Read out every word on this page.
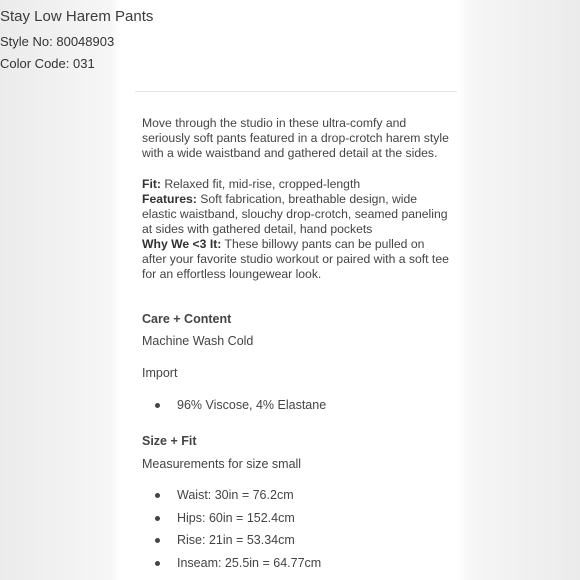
Stay Low Harem Pants
Style No: 80048903
Color Code: 031

Move through the studio in these ultra-comfy and seriously soft pants featured in a drop-crotch harem style with a wide waistband and gathered detail at the sides.

Fit: Relaxed fit, mid-rise, cropped-length

Features: Soft fabrication, breathable design, wide elastic waistband, slouchy drop-crotch, seamed paneling at sides with gathered detail, hand pockets

Why We <3 It: These billowy pants can be pulled on after your favorite studio workout or paired with a soft tee for an effortless loungewear look.

Care + Content
Machine Wash Cold
Import
96% Viscose, 4% Elastane
Size + Fit
Measurements for size small
Waist: 30in = 76.2cm
Hips: 60in = 152.4cm
Rise: 21in = 53.34cm
Inseam: 25.5in = 64.77cm
